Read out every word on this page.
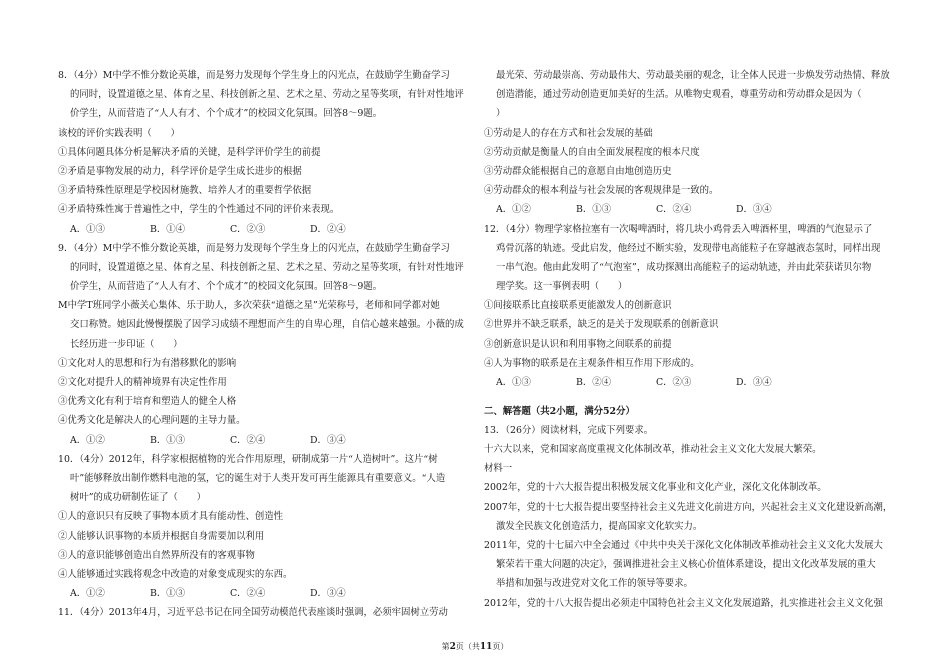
8．（4分）M中学不惟分数论英雄，而是努力发现每个学生身上的闪光点，在鼓励学生勤奋学习
的同时，设置道德之星、体育之星、科技创新之星、艺术之星、劳动之星等奖项，有针对性地评
价学生，从而营造了“人人有才、个个成才”的校园文化氛围。回答8～9题。
该校的评价实践表明（　　）
①具体问题具体分析是解决矛盾的关键，是科学评价学生的前提
②矛盾是事物发展的动力，科学评价是学生成长进步的根据
③矛盾特殊性原理是学校因材施教、培养人才的重要哲学依据
④矛盾特殊性寓于普遍性之中，学生的个性通过不同的评价来表现。
A．①③	B．①④	C．②③	D．②④
9．（4分）M中学不惟分数论英雄，而是努力发现每个学生身上的闪光点，在鼓励学生勤奋学习
的同时，设置道德之星、体育之星、科技创新之星、艺术之星、劳动之星等奖项，有针对性地评
价学生，从而营造了“人人有才、个个成才”的校园文化氛围。回答8～9题。
M中学T班同学小薇关心集体、乐于助人，多次荣获“道德之星”光荣称号，老师和同学都对她
交口称赞。她因此慢慢摆脱了因学习成绩不理想而产生的自卑心理，自信心越来越强。小薇的成
长经历进一步印证（　　）
①文化对人的思想和行为有潜移默化的影响
②文化对提升人的精神境界有决定性作用
③优秀文化有利于培育和塑造人的健全人格
④优秀文化是解决人的心理问题的主导力量。
A．①②	B．①③	C．②④	D．③④
10．（4分）2012年，科学家根据植物的光合作用原理，研制成第一片“人造树叶”。这片“树
叶”能够释放出制作燃料电池的氢，它的诞生对于人类开发可再生能源具有重要意义。“人造
树叶”的成功研制佐证了（　　）
①人的意识只有反映了事物本质才具有能动性、创造性
②人能够认识事物的本质并根据自身需要加以利用
③人的意识能够创造出自然界所没有的客观事物
④人能够通过实践将观念中改造的对象变成现实的东西。
A．①②	B．①③	C．②④	D．③④
11．（4分）2013年4月，习近平总书记在同全国劳动模范代表座谈时强调，必须牢固树立劳动
最光荣、劳动最崇高、劳动最伟大、劳动最美丽的观念，让全体人民进一步焕发劳动热情、释放
创造潜能，通过劳动创造更加美好的生活。从唯物史观看，尊重劳动和劳动群众是因为（
）
①劳动是人的存在方式和社会发展的基础
②劳动贡献是衡量人的自由全面发展程度的根本尺度
③劳动群众能根据自己的意愿自由地创造历史
④劳动群众的根本利益与社会发展的客观规律是一致的。
A．①②	B．①③	C．②④	D．③④
12．（4分）物理学家格拉塞有一次喝啤酒时，将几块小鸡骨丢入啤酒杯里，啤酒的气泡显示了
鸡骨沉落的轨迹。受此启发，他经过不断实验，发现带电高能粒子在穿越液态氢时，同样出现
一串气泡。他由此发明了“气泡室”，成功探测出高能粒子的运动轨迹，并由此荣获诺贝尔物
理学奖。这一事例表明（　　）
①间接联系比直接联系更能激发人的创新意识
②世界并不缺乏联系，缺乏的是关于发现联系的创新意识
③创新意识是认识和利用事物之间联系的前提
④人为事物的联系是在主观条件相互作用下形成的。
A．①③	B．②④	C．②③	D．③④
二、解答题（共2小题，满分52分）
13．（26分）阅读材料，完成下列要求。
十六大以来，党和国家高度重视文化体制改革，推动社会主义文化大发展大繁荣。
材料一
2002年，党的十六大报告提出积极发展文化事业和文化产业，深化文化体制改革。
2007年，党的十七大报告提出要坚持社会主义先进文化前进方向，兴起社会主义文化建设新高潮，
激发全民族文化创造活力，提高国家文化软实力。
2011年，党的十七届六中全会通过《中共中央关于深化文化体制改革推动社会主义文化大发展大
繁荣若干重大问题的决定》，强调推进社会主义核心价值体系建设，提出文化改革发展的重大
举措和加强与改进党对文化工作的领导等要求。
2012年，党的十八大报告提出必须走中国特色社会主义文化发展道路，扎实推进社会主义文化强
第2页（共11页）
